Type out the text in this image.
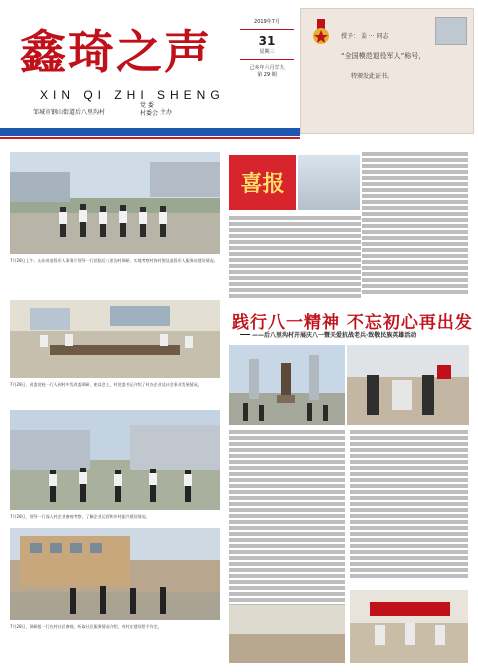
鑫琦之声
XIN QI ZHI SHENG
邹城市钢山街道后八里沟村
党 委
村委会 主办
2019年7月
31
星期三
己亥年六月廿九
第 29 期
授予： 姜 ··· 同志
“全国模范退役军人”称号，
特颁发此证书。
7月28日上午，山东省退役军人事务厅领导一行莅临后八里沟村调研，实地考察村容村貌及退役军人服务站建设情况。
7月28日，省委党校一行人到村中发改委调研，座谈会上，村党委书记介绍了村办企业及社会事业发展情况。
7月28日，领导一行深入村企业参观考察，了解企业运营和乡村振兴建设情况。
7月28日，调研组一行在村社区参观，听取社区服务情况介绍，对村庄建设给予肯定。
喜报
践行八一精神 不忘初心再出发
——后八里沟村开展庆八一暨关爱抗战老兵·致敬民族英雄活动
